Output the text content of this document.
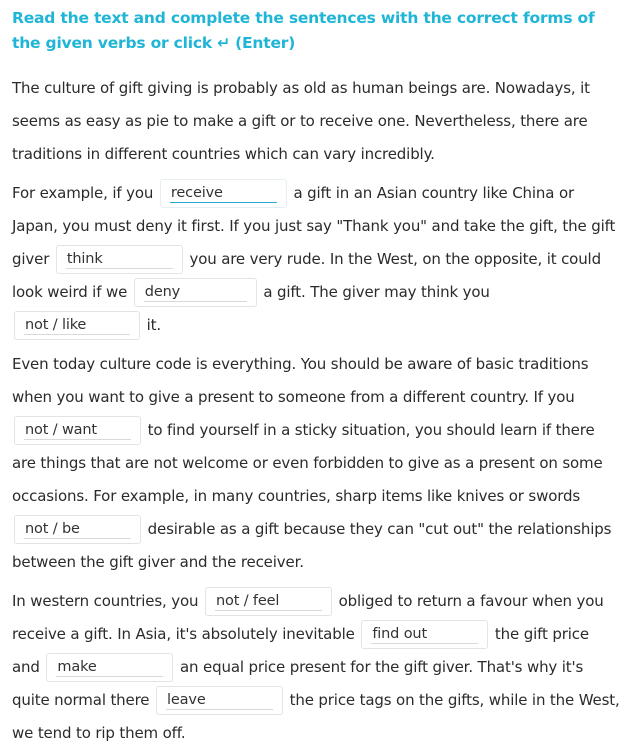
Read the text and complete the sentences with the correct forms of the given verbs or click ↵ (Enter)

The culture of gift giving is probably as old as human beings are. Nowadays, it seems as easy as pie to make a gift or to receive one. Nevertheless, there are traditions in different countries which can vary incredibly.

For example, if you receive	a gift in an Asian country like China or Japan, you must deny it first. If you just say "Thank you" and take the gift, the gift giver think	you are very rude. In the West, on the opposite, it could look weird if we deny	a gift. The giver may think you not / like	it.

Even today culture code is everything. You should be aware of basic traditions when you want to give a present to someone from a different country. If you not / want	to find yourself in a sticky situation, you should learn if there are things that are not welcome or even forbidden to give as a present on some occasions. For example, in many countries, sharp items like knives or swords not / be	desirable as a gift because they can "cut out" the relationships between the gift giver and the receiver.

In western countries, you not / feel	obliged to return a favour when you receive a gift. In Asia, it's absolutely inevitable find out	the gift price and make	an equal price present for the gift giver. That's why it's quite normal there leave	the price tags on the gifts, while in the West, we tend to rip them off.
